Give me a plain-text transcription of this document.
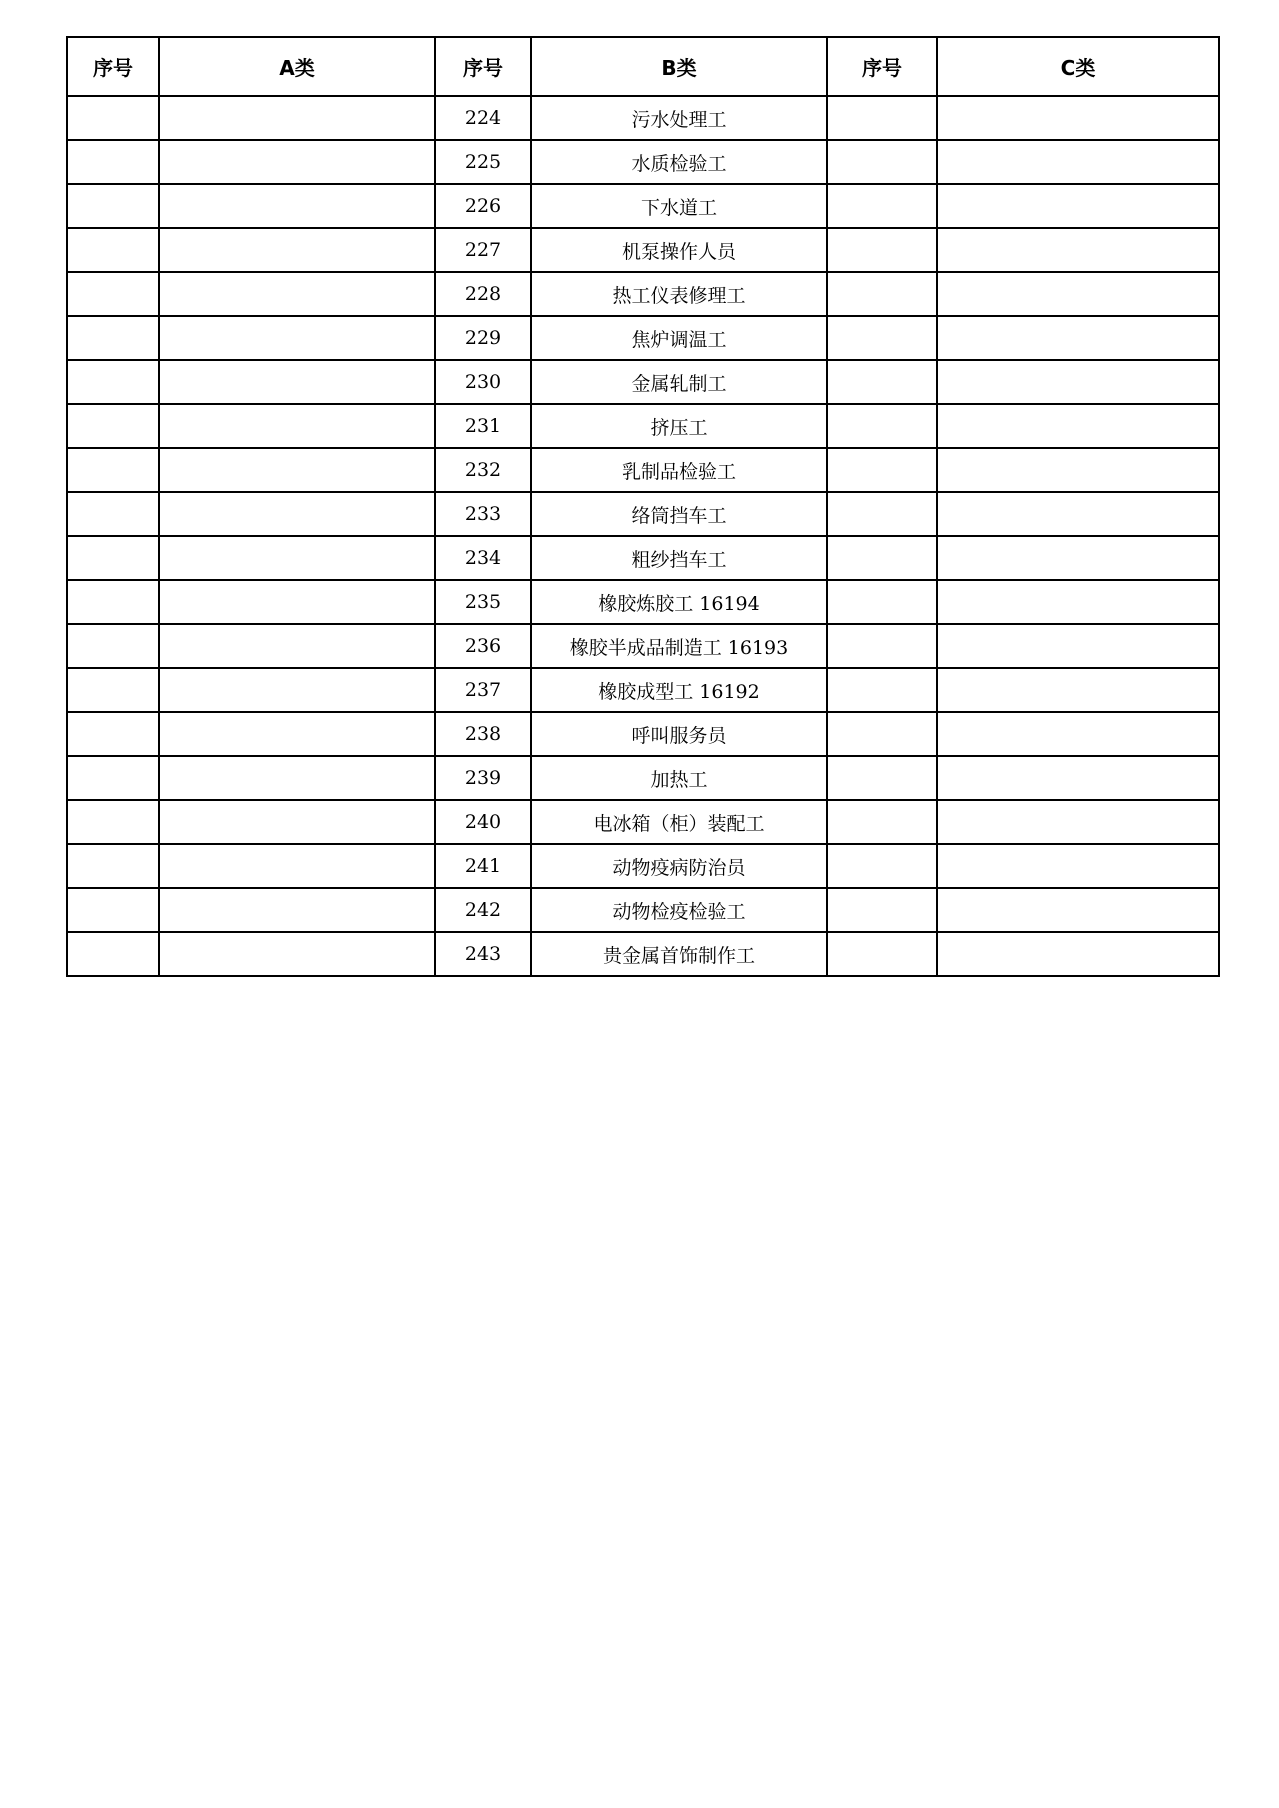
序号	A类	序号	B类	序号	C类
		224	污水处理工		
		225	水质检验工		
		226	下水道工		
		227	机泵操作人员		
		228	热工仪表修理工		
		229	焦炉调温工		
		230	金属轧制工		
		231	挤压工		
		232	乳制品检验工		
		233	络筒挡车工		
		234	粗纱挡车工		
		235	橡胶炼胶工 16194		
		236	橡胶半成品制造工 16193		
		237	橡胶成型工 16192		
		238	呼叫服务员		
		239	加热工		
		240	电冰箱（柜）装配工		
		241	动物疫病防治员		
		242	动物检疫检验工		
		243	贵金属首饰制作工		
